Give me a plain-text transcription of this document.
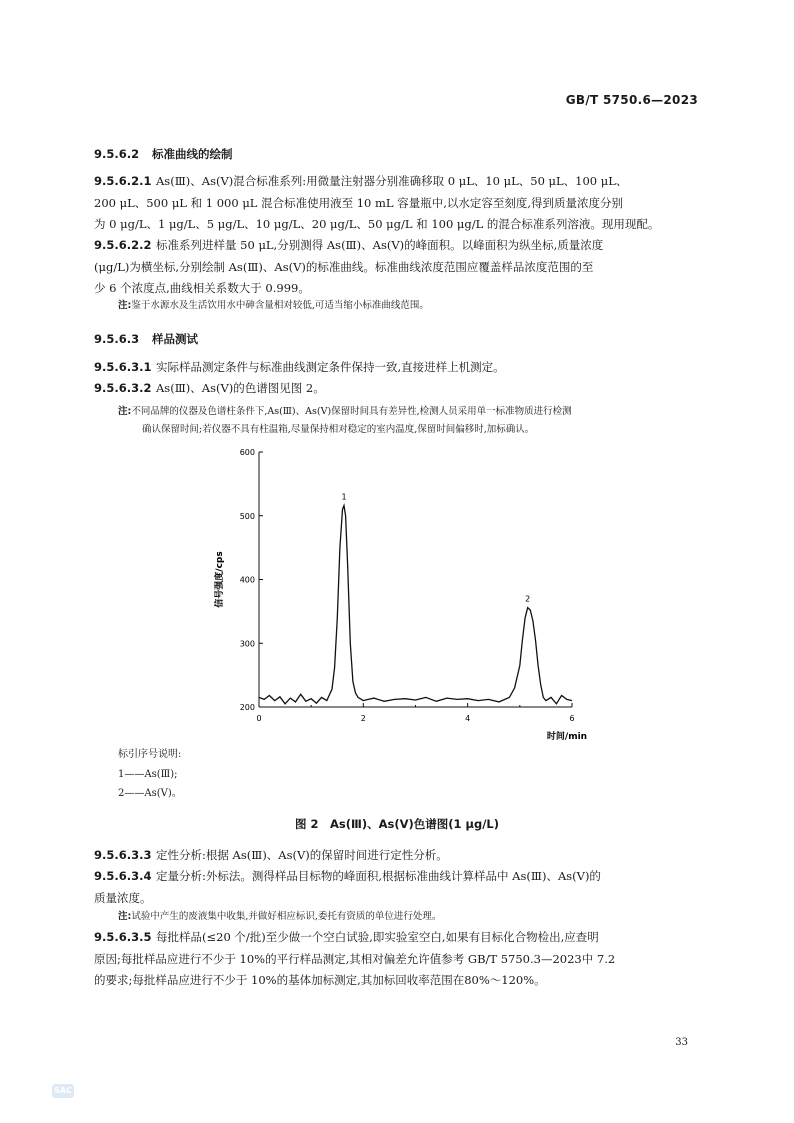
GB/T 5750.6—2023
9.5.6.2 标准曲线的绘制
9.5.6.2.1 As(Ⅲ)、As(Ⅴ)混合标准系列:用微量注射器分别准确移取 0 μL、10 μL、50 μL、100 μL、
200 μL、500 μL 和 1 000 μL 混合标准使用液至 10 mL 容量瓶中,以水定容至刻度,得到质量浓度分别
为 0 μg/L、1 μg/L、5 μg/L、10 μg/L、20 μg/L、50 μg/L 和 100 μg/L 的混合标准系列溶液。现用现配。
9.5.6.2.2 标准系列进样量 50 μL,分别测得 As(Ⅲ)、As(Ⅴ)的峰面积。以峰面积为纵坐标,质量浓度
(μg/L)为横坐标,分别绘制 As(Ⅲ)、As(Ⅴ)的标准曲线。标准曲线浓度范围应覆盖样品浓度范围的至
少 6 个浓度点,曲线相关系数大于 0.999。
注:鉴于水源水及生活饮用水中砷含量相对较低,可适当缩小标准曲线范围。
9.5.6.3 样品测试
9.5.6.3.1 实际样品测定条件与标准曲线测定条件保持一致,直接进样上机测定。
9.5.6.3.2 As(Ⅲ)、As(Ⅴ)的色谱图见图 2。
注:不同品牌的仪器及色谱柱条件下,As(Ⅲ)、As(Ⅴ)保留时间具有差异性,检测人员采用单一标准物质进行检测
确认保留时间;若仪器不具有柱温箱,尽量保持相对稳定的室内温度,保留时间偏移时,加标确认。
200
300
400
500
600
0	2	4	6
1
2
时间/min
信号强度/cps
标引序号说明:
1——As(Ⅲ);
2——As(Ⅴ)。
图 2　As(Ⅲ)、As(Ⅴ)色谱图(1 μg/L)
9.5.6.3.3 定性分析:根据 As(Ⅲ)、As(Ⅴ)的保留时间进行定性分析。
9.5.6.3.4 定量分析:外标法。测得样品目标物的峰面积,根据标准曲线计算样品中 As(Ⅲ)、As(Ⅴ)的
质量浓度。
注:试验中产生的废液集中收集,并做好相应标识,委托有资质的单位进行处理。
9.5.6.3.5 每批样品(≤20 个/批)至少做一个空白试验,即实验室空白,如果有目标化合物检出,应查明
原因;每批样品应进行不少于 10%的平行样品测定,其相对偏差允许值参考 GB/T 5750.3—2023中 7.2
的要求;每批样品应进行不少于 10%的基体加标测定,其加标回收率范围在80%～120%。
33
SAC
